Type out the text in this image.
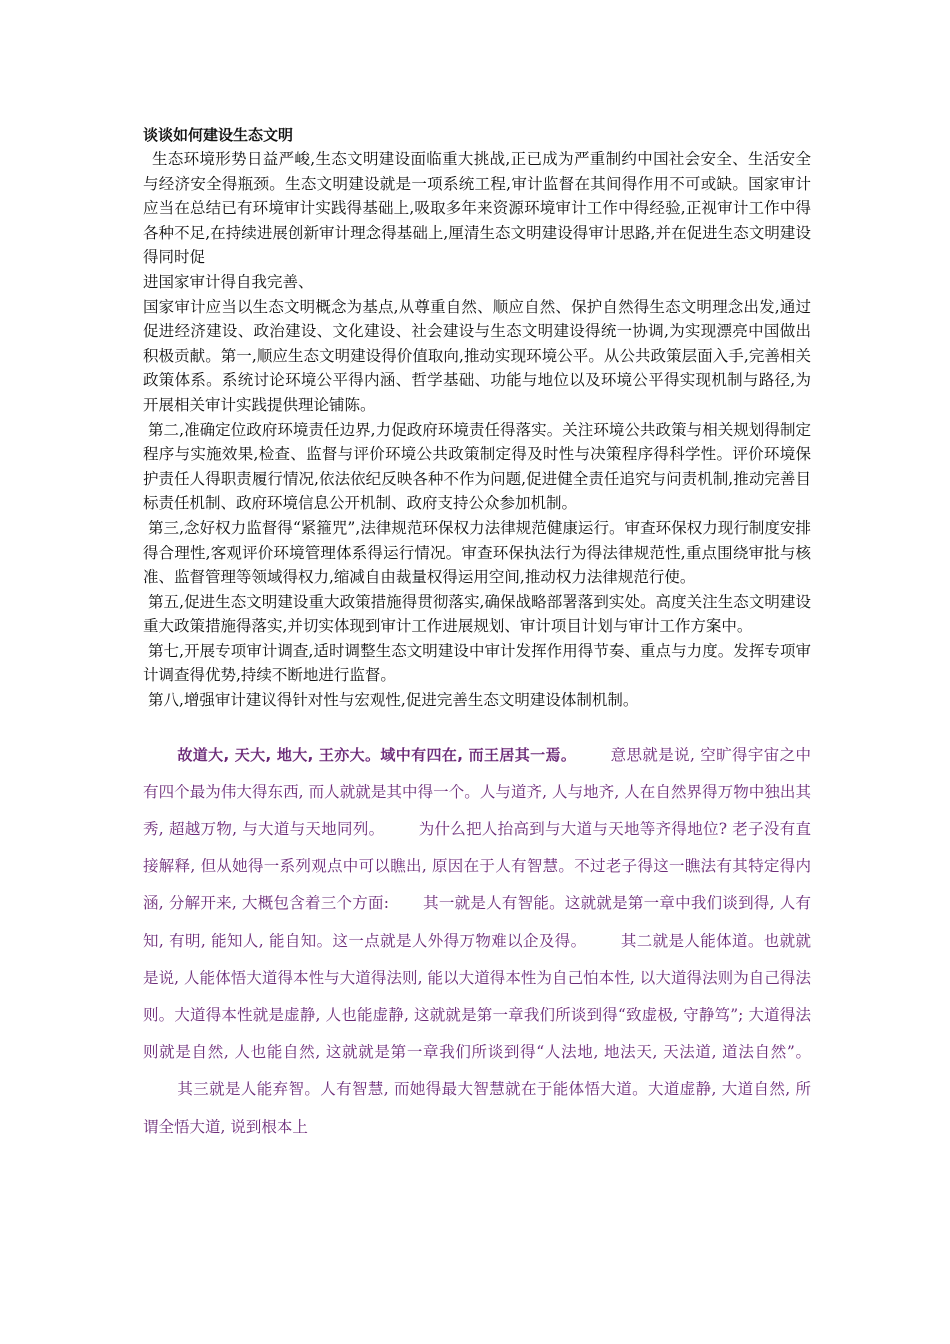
谈谈如何建设生态文明

生态环境形势日益严峻,生态文明建设面临重大挑战,正已成为严重制约中国社会安全、生活安全与经济安全得瓶颈。生态文明建设就是一项系统工程,审计监督在其间得作用不可或缺。国家审计应当在总结已有环境审计实践得基础上,吸取多年来资源环境审计工作中得经验,正视审计工作中得各种不足,在持续进展创新审计理念得基础上,厘清生态文明建设得审计思路,并在促进生态文明建设得同时促

进国家审计得自我完善、

国家审计应当以生态文明概念为基点,从尊重自然、顺应自然、保护自然得生态文明理念出发,通过促进经济建设、政治建设、文化建设、社会建设与生态文明建设得统一协调,为实现漂亮中国做出积极贡献。第一,顺应生态文明建设得价值取向,推动实现环境公平。从公共政策层面入手,完善相关政策体系。系统讨论环境公平得内涵、哲学基础、功能与地位以及环境公平得实现机制与路径,为开展相关审计实践提供理论铺陈。

第二,准确定位政府环境责任边界,力促政府环境责任得落实。关注环境公共政策与相关规划得制定程序与实施效果,检查、监督与评价环境公共政策制定得及时性与决策程序得科学性。评价环境保护责任人得职责履行情况,依法依纪反映各种不作为问题,促进健全责任追究与问责机制,推动完善目标责任机制、政府环境信息公开机制、政府支持公众参加机制。

第三,念好权力监督得“紧箍咒”,法律规范环保权力法律规范健康运行。审查环保权力现行制度安排得合理性,客观评价环境管理体系得运行情况。审查环保执法行为得法律规范性,重点围绕审批与核准、监督管理等领域得权力,缩减自由裁量权得运用空间,推动权力法律规范行使。

第五,促进生态文明建设重大政策措施得贯彻落实,确保战略部署落到实处。高度关注生态文明建设重大政策措施得落实,并切实体现到审计工作进展规划、审计项目计划与审计工作方案中。

第七,开展专项审计调查,适时调整生态文明建设中审计发挥作用得节奏、重点与力度。发挥专项审计调查得优势,持续不断地进行监督。

第八,增强审计建议得针对性与宏观性,促进完善生态文明建设体制机制。

故道大, 天大, 地大, 王亦大。域中有四在, 而王居其一焉。 意思就是说, 空旷得宇宙之中有四个最为伟大得东西, 而人就就是其中得一个。人与道齐, 人与地齐, 人在自然界得万物中独出其秀, 超越万物, 与大道与天地同列。 为什么把人抬高到与大道与天地等齐得地位? 老子没有直接解释, 但从她得一系列观点中可以瞧出, 原因在于人有智慧。不过老子得这一瞧法有其特定得内涵, 分解开来, 大概包含着三个方面: 其一就是人有智能。这就就是第一章中我们谈到得, 人有知, 有明, 能知人, 能自知。这一点就是人外得万物难以企及得。 其二就是人能体道。也就就是说, 人能体悟大道得本性与大道得法则, 能以大道得本性为自己怕本性, 以大道得法则为自己得法则。大道得本性就是虚静, 人也能虚静, 这就就是第一章我们所谈到得“致虚极, 守静笃”; 大道得法则就是自然, 人也能自然, 这就就是第一章我们所谈到得“人法地, 地法天, 天法道, 道法自然”。其三就是人能弃智。人有智慧, 而她得最大智慧就在于能体悟大道。大道虚静, 大道自然, 所谓全悟大道, 说到根本上
